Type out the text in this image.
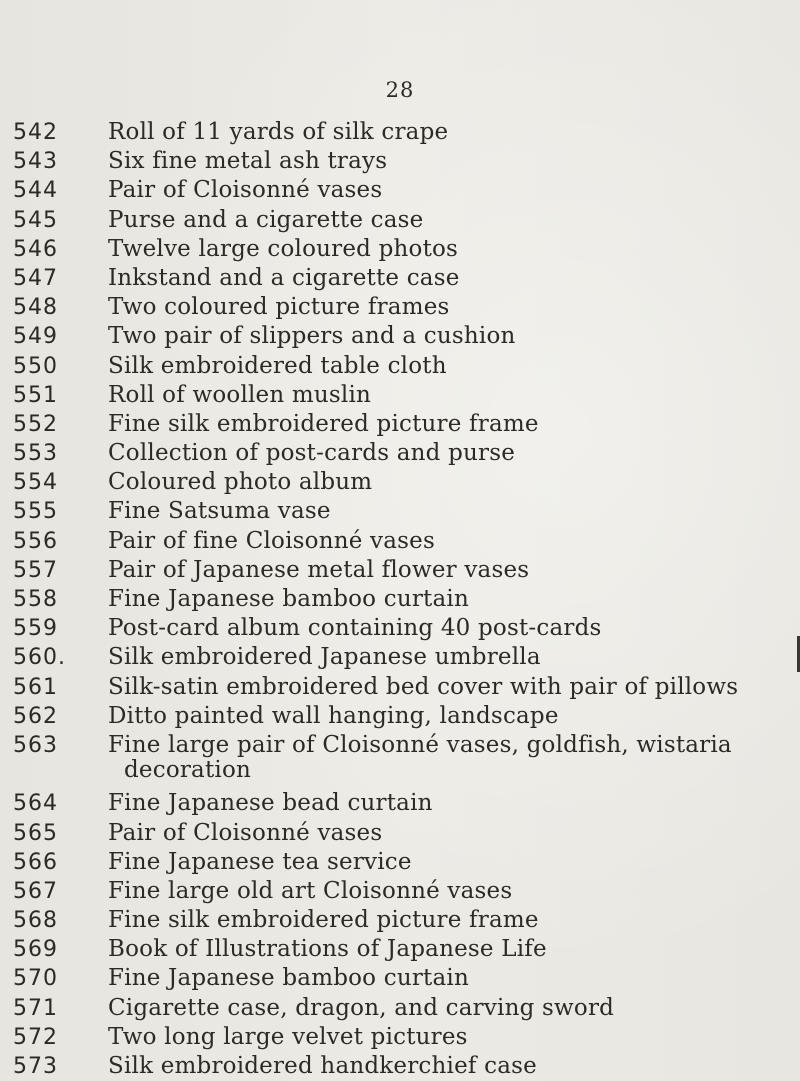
28
542	Roll of 11 yards of silk crape
543	Six fine metal ash trays
544	Pair of Cloisonné vases
545	Purse and a cigarette case
546	Twelve large coloured photos
547	Inkstand and a cigarette case
548	Two coloured picture frames
549	Two pair of slippers and a cushion
550	Silk embroidered table cloth
551	Roll of woollen muslin
552	Fine silk embroidered picture frame
553	Collection of post-cards and purse
554	Coloured photo album
555	Fine Satsuma vase
556	Pair of fine Cloisonné vases
557	Pair of Japanese metal flower vases
558	Fine Japanese bamboo curtain
559	Post-card album containing 40 post-cards
560.	Silk embroidered Japanese umbrella
561	Silk-satin embroidered bed cover with pair of pillows
562	Ditto painted wall hanging, landscape
563	Fine large pair of Cloisonné vases, goldfish, wistaria
decoration
564	Fine Japanese bead curtain
565	Pair of Cloisonné vases
566	Fine Japanese tea service
567	Fine large old art Cloisonné vases
568	Fine silk embroidered picture frame
569	Book of Illustrations of Japanese Life
570	Fine Japanese bamboo curtain
571	Cigarette case, dragon, and carving sword
572	Two long large velvet pictures
573	Silk embroidered handkerchief case
